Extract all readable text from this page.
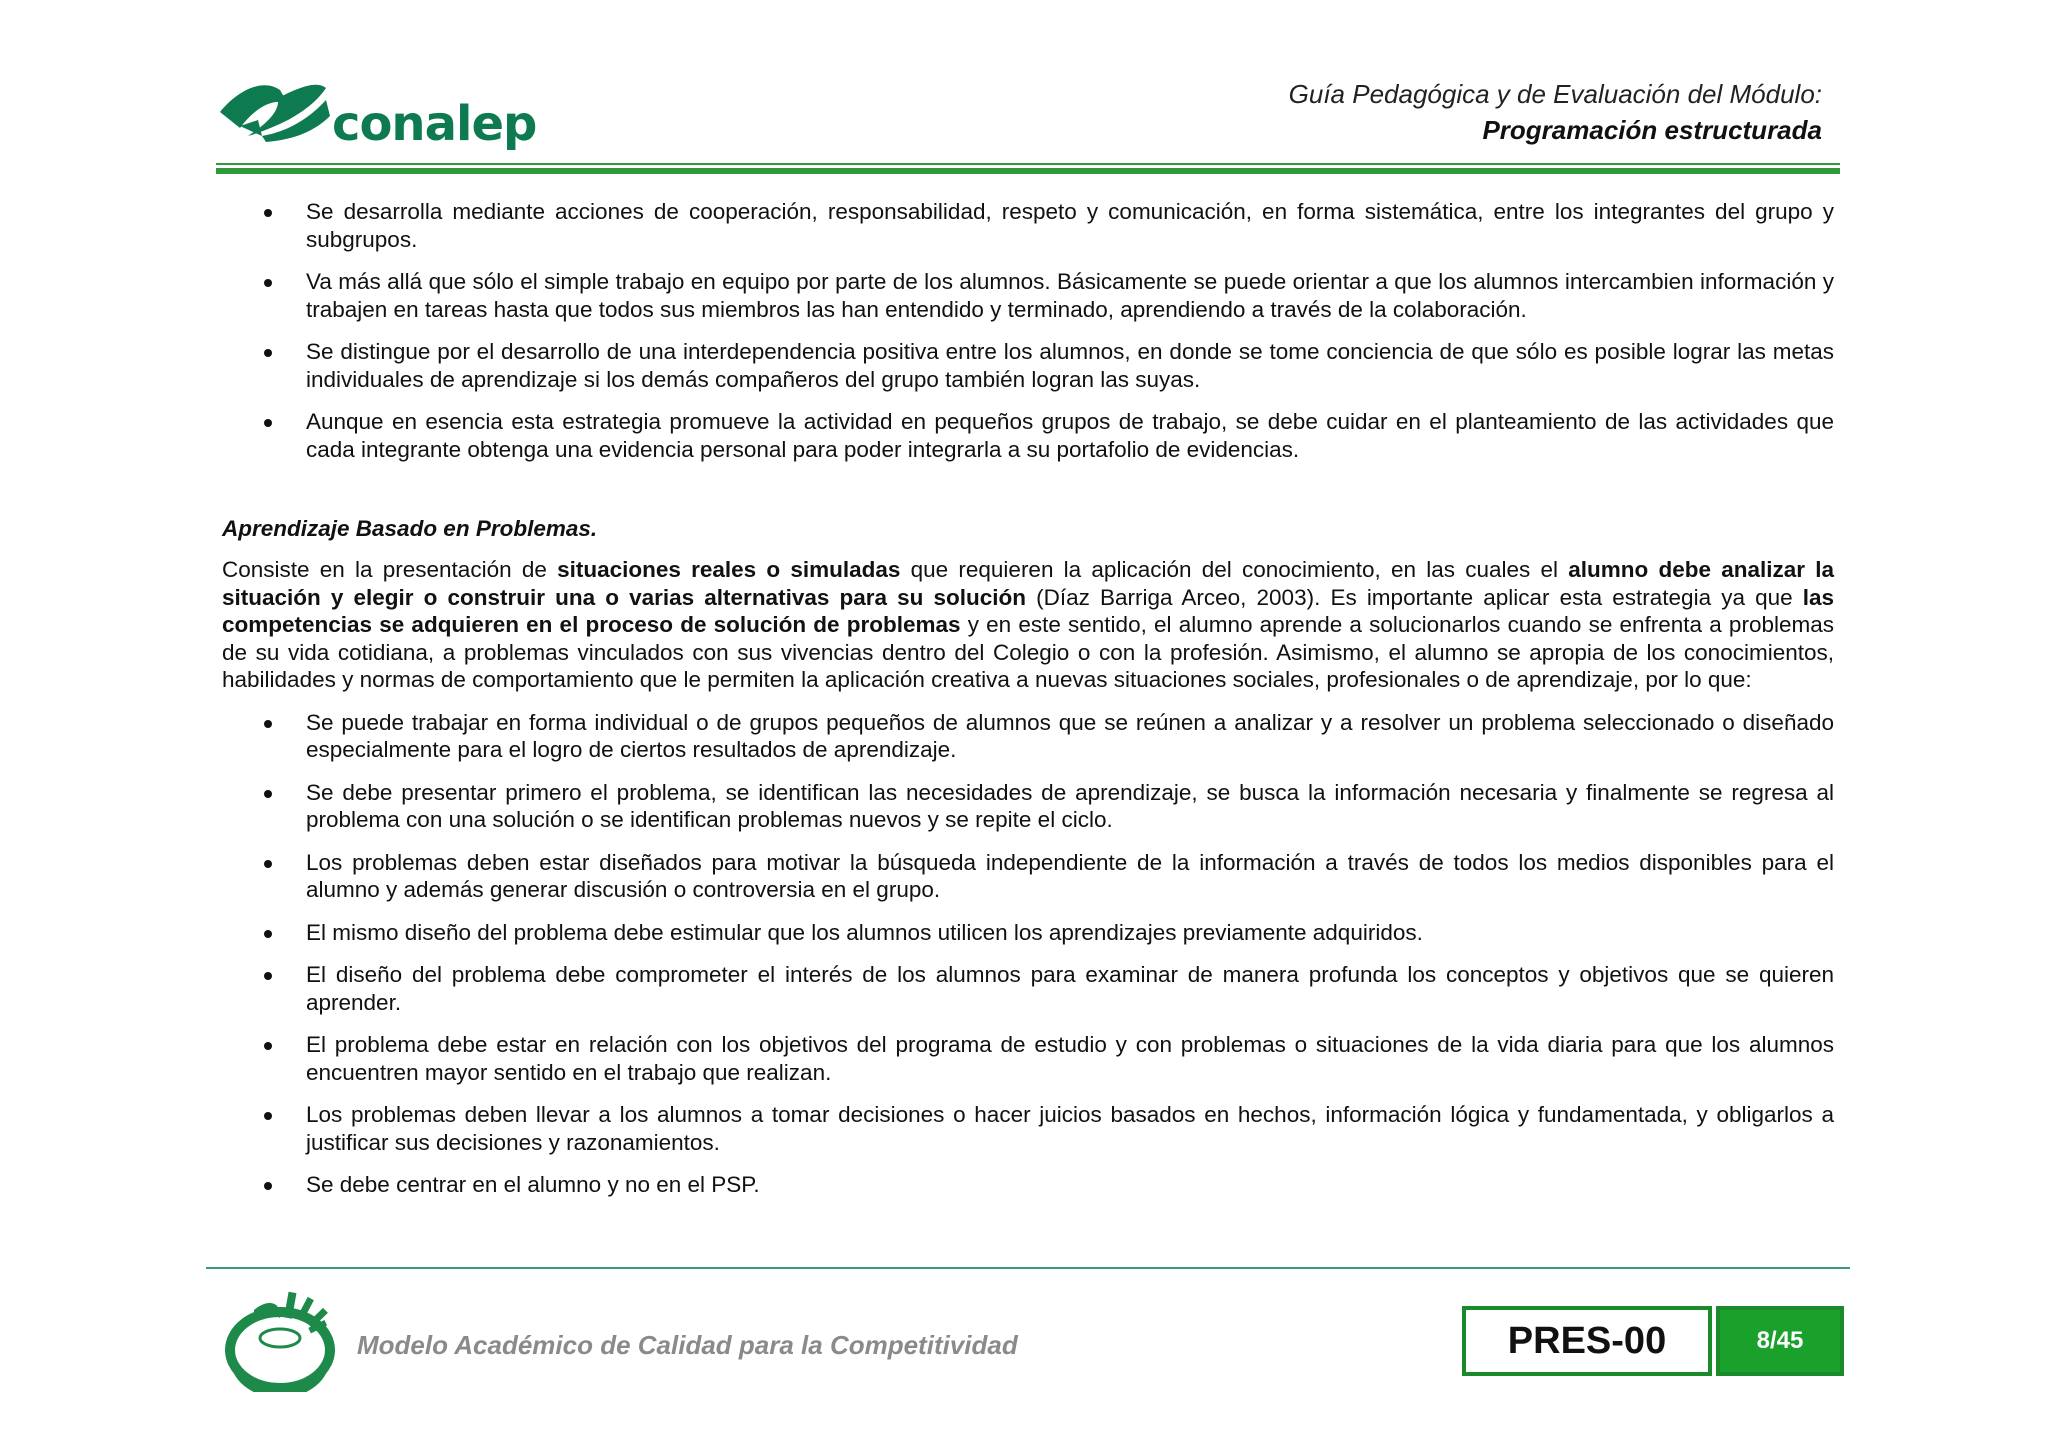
conalep
Guía Pedagógica y de Evaluación del Módulo:
Programación estructurada
Se desarrolla mediante acciones de cooperación, responsabilidad, respeto y comunicación, en forma sistemática, entre los integrantes del grupo y subgrupos.
Va más allá que sólo el simple trabajo en equipo por parte de los alumnos. Básicamente se puede orientar a que los alumnos intercambien información y trabajen en tareas hasta que todos sus miembros las han entendido y terminado, aprendiendo a través de la colaboración.
Se distingue por el desarrollo de una interdependencia positiva entre los alumnos, en donde se tome conciencia de que sólo es posible lograr las metas individuales de aprendizaje si los demás compañeros del grupo también logran las suyas.
Aunque en esencia esta estrategia promueve la actividad en pequeños grupos de trabajo, se debe cuidar en el planteamiento de las actividades que cada integrante obtenga una evidencia personal para poder integrarla a su portafolio de evidencias.
Aprendizaje Basado en Problemas.

Consiste en la presentación de situaciones reales o simuladas que requieren la aplicación del conocimiento, en las cuales el alumno debe analizar la situación y elegir o construir una o varias alternativas para su solución (Díaz Barriga Arceo, 2003). Es importante aplicar esta estrategia ya que las competencias se adquieren en el proceso de solución de problemas y en este sentido, el alumno aprende a solucionarlos cuando se enfrenta a problemas de su vida cotidiana, a problemas vinculados con sus vivencias dentro del Colegio o con la profesión. Asimismo, el alumno se apropia de los conocimientos, habilidades y normas de comportamiento que le permiten la aplicación creativa a nuevas situaciones sociales, profesionales o de aprendizaje, por lo que:

Se puede trabajar en forma individual o de grupos pequeños de alumnos que se reúnen a analizar y a resolver un problema seleccionado o diseñado especialmente para el logro de ciertos resultados de aprendizaje.
Se debe presentar primero el problema, se identifican las necesidades de aprendizaje, se busca la información necesaria y finalmente se regresa al problema con una solución o se identifican problemas nuevos y se repite el ciclo.
Los problemas deben estar diseñados para motivar la búsqueda independiente de la información a través de todos los medios disponibles para el alumno y además generar discusión o controversia en el grupo.
El mismo diseño del problema debe estimular que los alumnos utilicen los aprendizajes previamente adquiridos.
El diseño del problema debe comprometer el interés de los alumnos para examinar de manera profunda los conceptos y objetivos que se quieren aprender.
El problema debe estar en relación con los objetivos del programa de estudio y con problemas o situaciones de la vida diaria para que los alumnos encuentren mayor sentido en el trabajo que realizan.
Los problemas deben llevar a los alumnos a tomar decisiones o hacer juicios basados en hechos, información lógica y fundamentada, y obligarlos a justificar sus decisiones y razonamientos.
Se debe centrar en el alumno y no en el PSP.
Modelo Académico de Calidad para la Competitividad	PRES-00	8/45
